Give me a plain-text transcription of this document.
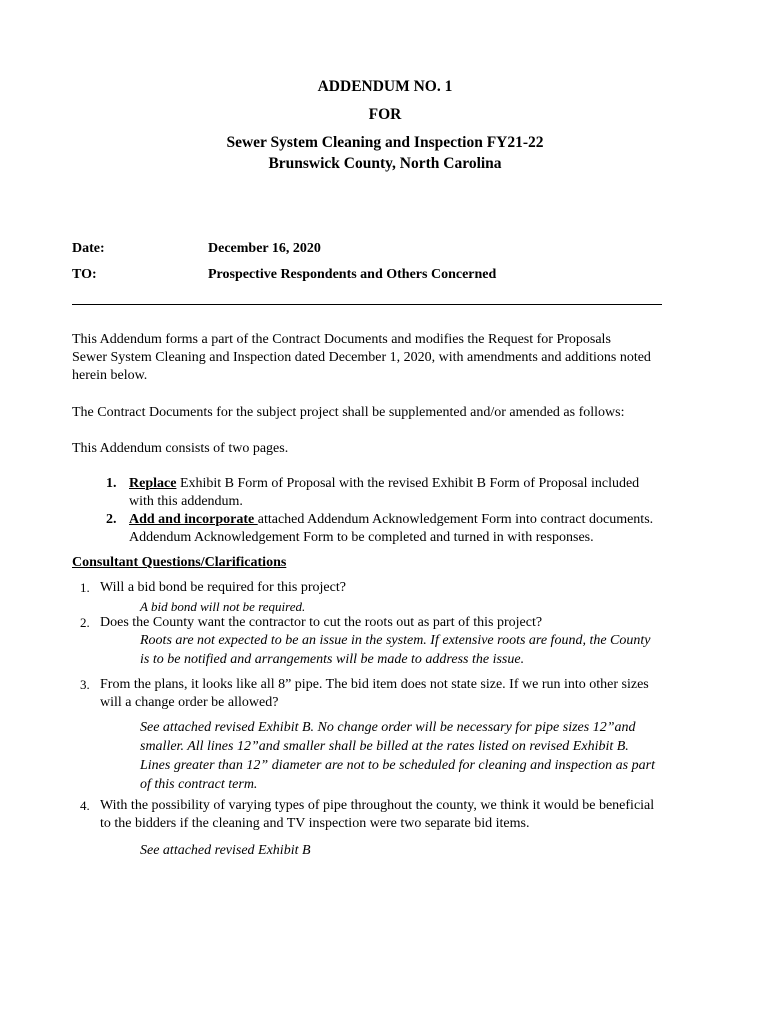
ADDENDUM NO. 1
FOR
Sewer System Cleaning and Inspection FY21-22
Brunswick County, North Carolina
Date:	December 16, 2020
TO:	Prospective Respondents and Others Concerned
This Addendum forms a part of the Contract Documents and modifies the Request for Proposals
Sewer System Cleaning and Inspection dated December 1, 2020, with amendments and additions noted
herein below.
The Contract Documents for the subject project shall be supplemented and/or amended as follows:
This Addendum consists of two pages.
1. Replace Exhibit B Form of Proposal with the revised Exhibit B Form of Proposal included
with this addendum.
2. Add and incorporate attached Addendum Acknowledgement Form into contract documents.
Addendum Acknowledgement Form to be completed and turned in with responses.
Consultant Questions/Clarifications
1. Will a bid bond be required for this project?
A bid bond will not be required.
2. Does the County want the contractor to cut the roots out as part of this project?
Roots are not expected to be an issue in the system. If extensive roots are found, the County
is to be notified and arrangements will be made to address the issue.
3. From the plans, it looks like all 8” pipe. The bid item does not state size. If we run into other sizes
will a change order be allowed?
See attached revised Exhibit B. No change order will be necessary for pipe sizes 12”and
smaller. All lines 12”and smaller shall be billed at the rates listed on revised Exhibit B.
Lines greater than 12” diameter are not to be scheduled for cleaning and inspection as part
of this contract term.
4. With the possibility of varying types of pipe throughout the county, we think it would be beneficial
to the bidders if the cleaning and TV inspection were two separate bid items.
See attached revised Exhibit B
